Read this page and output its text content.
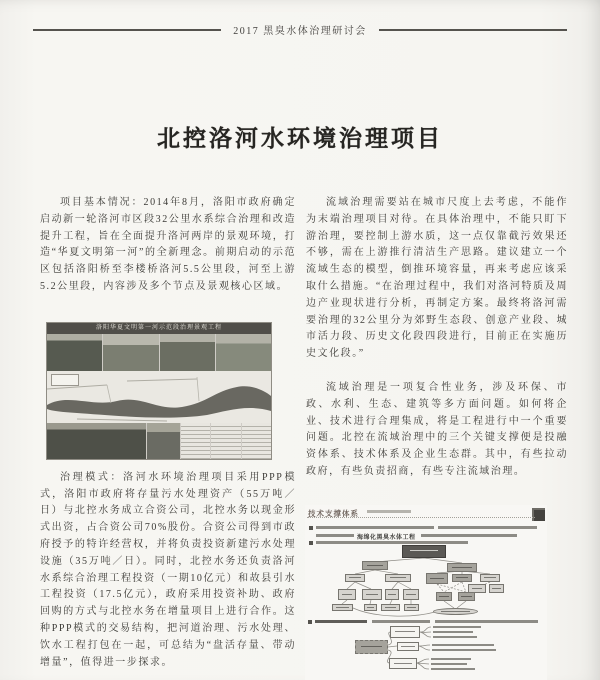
2017 黑臭水体治理研讨会
北控洛河水环境治理项目

项目基本情况：2014年8月，洛阳市政府确定启动新一轮洛河市区段32公里水系综合治理和改造提升工程，旨在全面提升洛河两岸的景观环境，打造“华夏文明第一河”的全新理念。前期启动的示范区包括洛阳桥至李楼桥洛河5.5公里段，河至上游5.2公里段，内容涉及多个节点及景观核心区域。

洛阳华夏文明第一河示范段治理景观工程

治理模式：洛河水环境治理项目采用PPP模式，洛阳市政府将存量污水处理资产（55万吨／日）与北控水务成立合资公司，北控水务以现金形式出资，占合资公司70%股份。合资公司得到市政府授予的特许经营权，并将负责投资新建污水处理设施（35万吨／日）。同时，北控水务还负责洛河水系综合治理工程投资（一期10亿元）和故县引水工程投资（17.5亿元），政府采用投资补助、政府回购的方式与北控水务在增量项目上进行合作。这种PPP模式的交易结构，把河道治理、污水处理、饮水工程打包在一起，可总结为“盘活存量、带动增量”，值得进一步探求。

流域治理需要站在城市尺度上去考虑，不能作为末端治理项目对待。在具体治理中，不能只盯下游治理，要控制上游水质，这一点仅靠截污效果还不够，需在上游推行清洁生产思路。建议建立一个流域生态的模型，倒推环境容量，再来考虑应该采取什么措施。“在治理过程中，我们对洛河特质及周边产业现状进行分析，再制定方案。最终将洛河需要治理的32公里分为郊野生态段、创意产业段、城市活力段、历史文化段四段进行，目前正在实施历史文化段。”

流域治理是一项复合性业务，涉及环保、市政、水利、生态、建筑等多方面问题。如何将企业、技术进行合理集成，将是工程进行中一个重要问题。北控在流域治理中的三个关键支撑便是投融资体系、技术体系及企业生态群。其中，有些拉动政府，有些负责招商，有些专注流域治理。

技术支撑体系
海绵化黑臭水体工程
